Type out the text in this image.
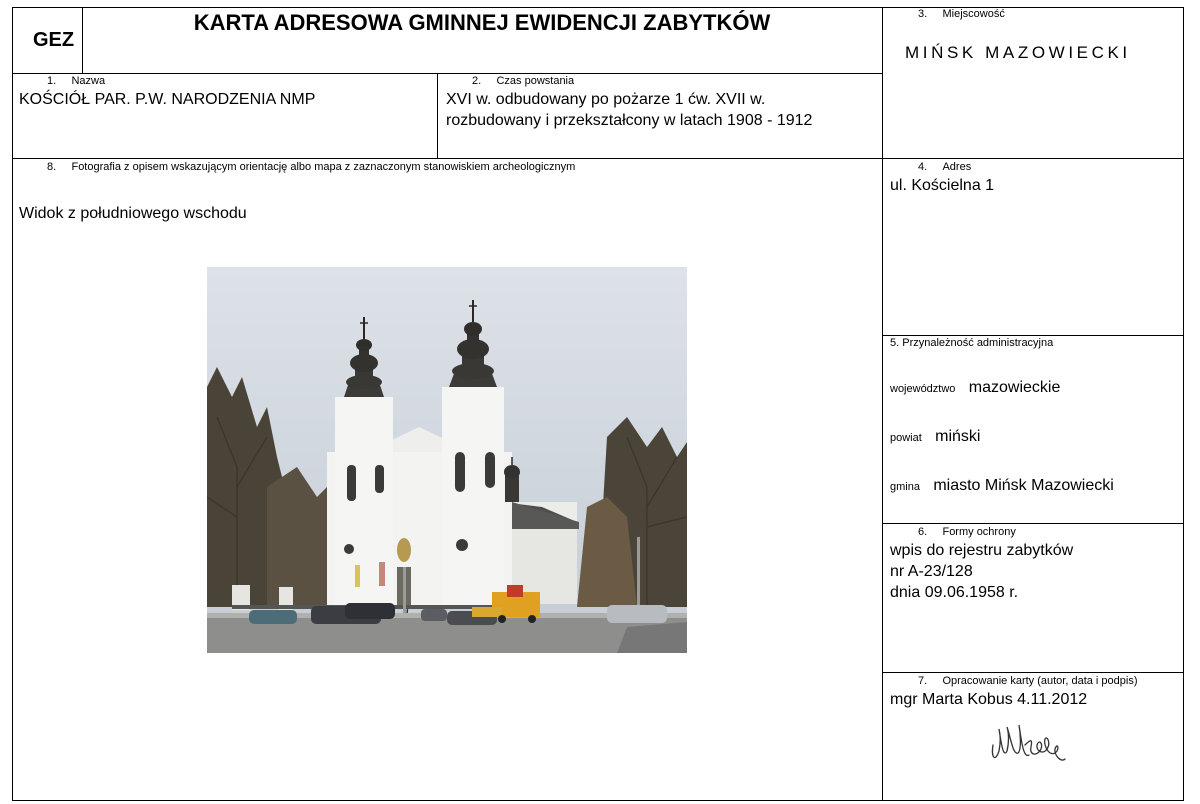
GEZ
KARTA ADRESOWA GMINNEJ EWIDENCJI ZABYTKÓW	3. Miejscowość
MIŃSK MAZOWIECKI
1. Nazwa
KOŚCIÓŁ PAR. P.W. NARODZENIA NMP
2. Czas powstania
XVI w. odbudowany po pożarze 1 ćw. XVII w.
rozbudowany i przekształcony w latach 1908 - 1912
8. Fotografia z opisem wskazującym orientację albo mapa z zaznaczonym stanowiskiem archeologicznym
Widok z południowego wschodu
4. Adres
ul. Kościelna 1
5. Przynależność administracyjna
województwo mazowieckie
powiat miński
gmina miasto Mińsk Mazowiecki
6. Formy ochrony
wpis do rejestru zabytków
nr A-23/128
dnia 09.06.1958 r.
7. Opracowanie karty (autor, data i podpis)
mgr Marta Kobus 4.11.2012
